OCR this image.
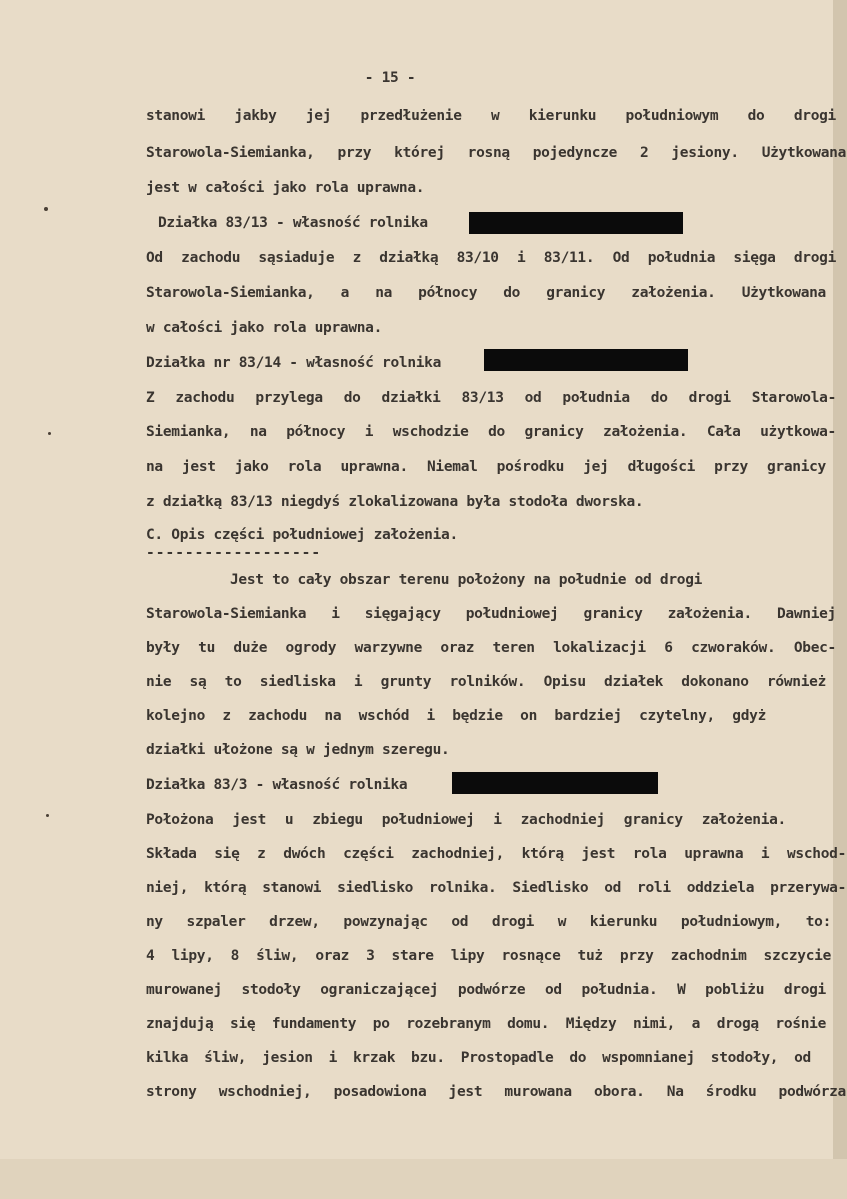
- 15 -
stanowi jakby jej przedłużenie w kierunku południowym do drogi
Starowola-Siemianka, przy której rosną pojedyncze 2 jesiony. Użytkowana
jest w całości jako rola uprawna.
Działka 83/13 - własność rolnika
Od zachodu sąsiaduje z działką 83/10 i 83/11. Od południa sięga drogi
Starowola-Siemianka, a na północy do granicy założenia. Użytkowana
w całości jako rola uprawna.
Działka nr 83/14 - własność rolnika
Z zachodu przylega do działki 83/13 od południa do drogi Starowola-
Siemianka, na północy i wschodzie do granicy założenia. Cała użytkowa-
na jest jako rola uprawna. Niemal pośrodku jej długości przy granicy
z działką 83/13 niegdyś zlokalizowana była stodoła dworska.
C. Opis części południowej założenia.
------------------
Jest to cały obszar terenu położony na południe od drogi
Starowola-Siemianka i sięgający południowej granicy założenia. Dawniej
były tu duże ogrody warzywne oraz teren lokalizacji 6 czworaków. Obec-
nie są to siedliska i grunty rolników. Opisu działek dokonano również
kolejno z zachodu na wschód i będzie on bardziej czytelny, gdyż
działki ułożone są w jednym szeregu.
Działka 83/3 - własność rolnika
Położona jest u zbiegu południowej i zachodniej granicy założenia.
Składa się z dwóch części zachodniej, którą jest rola uprawna i wschod-
niej, którą stanowi siedlisko rolnika. Siedlisko od roli oddziela przerywa-
ny szpaler drzew, powzynając od drogi w kierunku południowym, to:
4 lipy, 8 śliw, oraz 3 stare lipy rosnące tuż przy zachodnim szczycie
murowanej stodoły ograniczającej podwórze od południa. W pobliżu drogi
znajdują się fundamenty po rozebranym domu. Między nimi, a drogą rośnie
kilka śliw, jesion i krzak bzu. Prostopadle do wspomnianej stodoły, od
strony wschodniej, posadowiona jest murowana obora. Na środku podwórza
